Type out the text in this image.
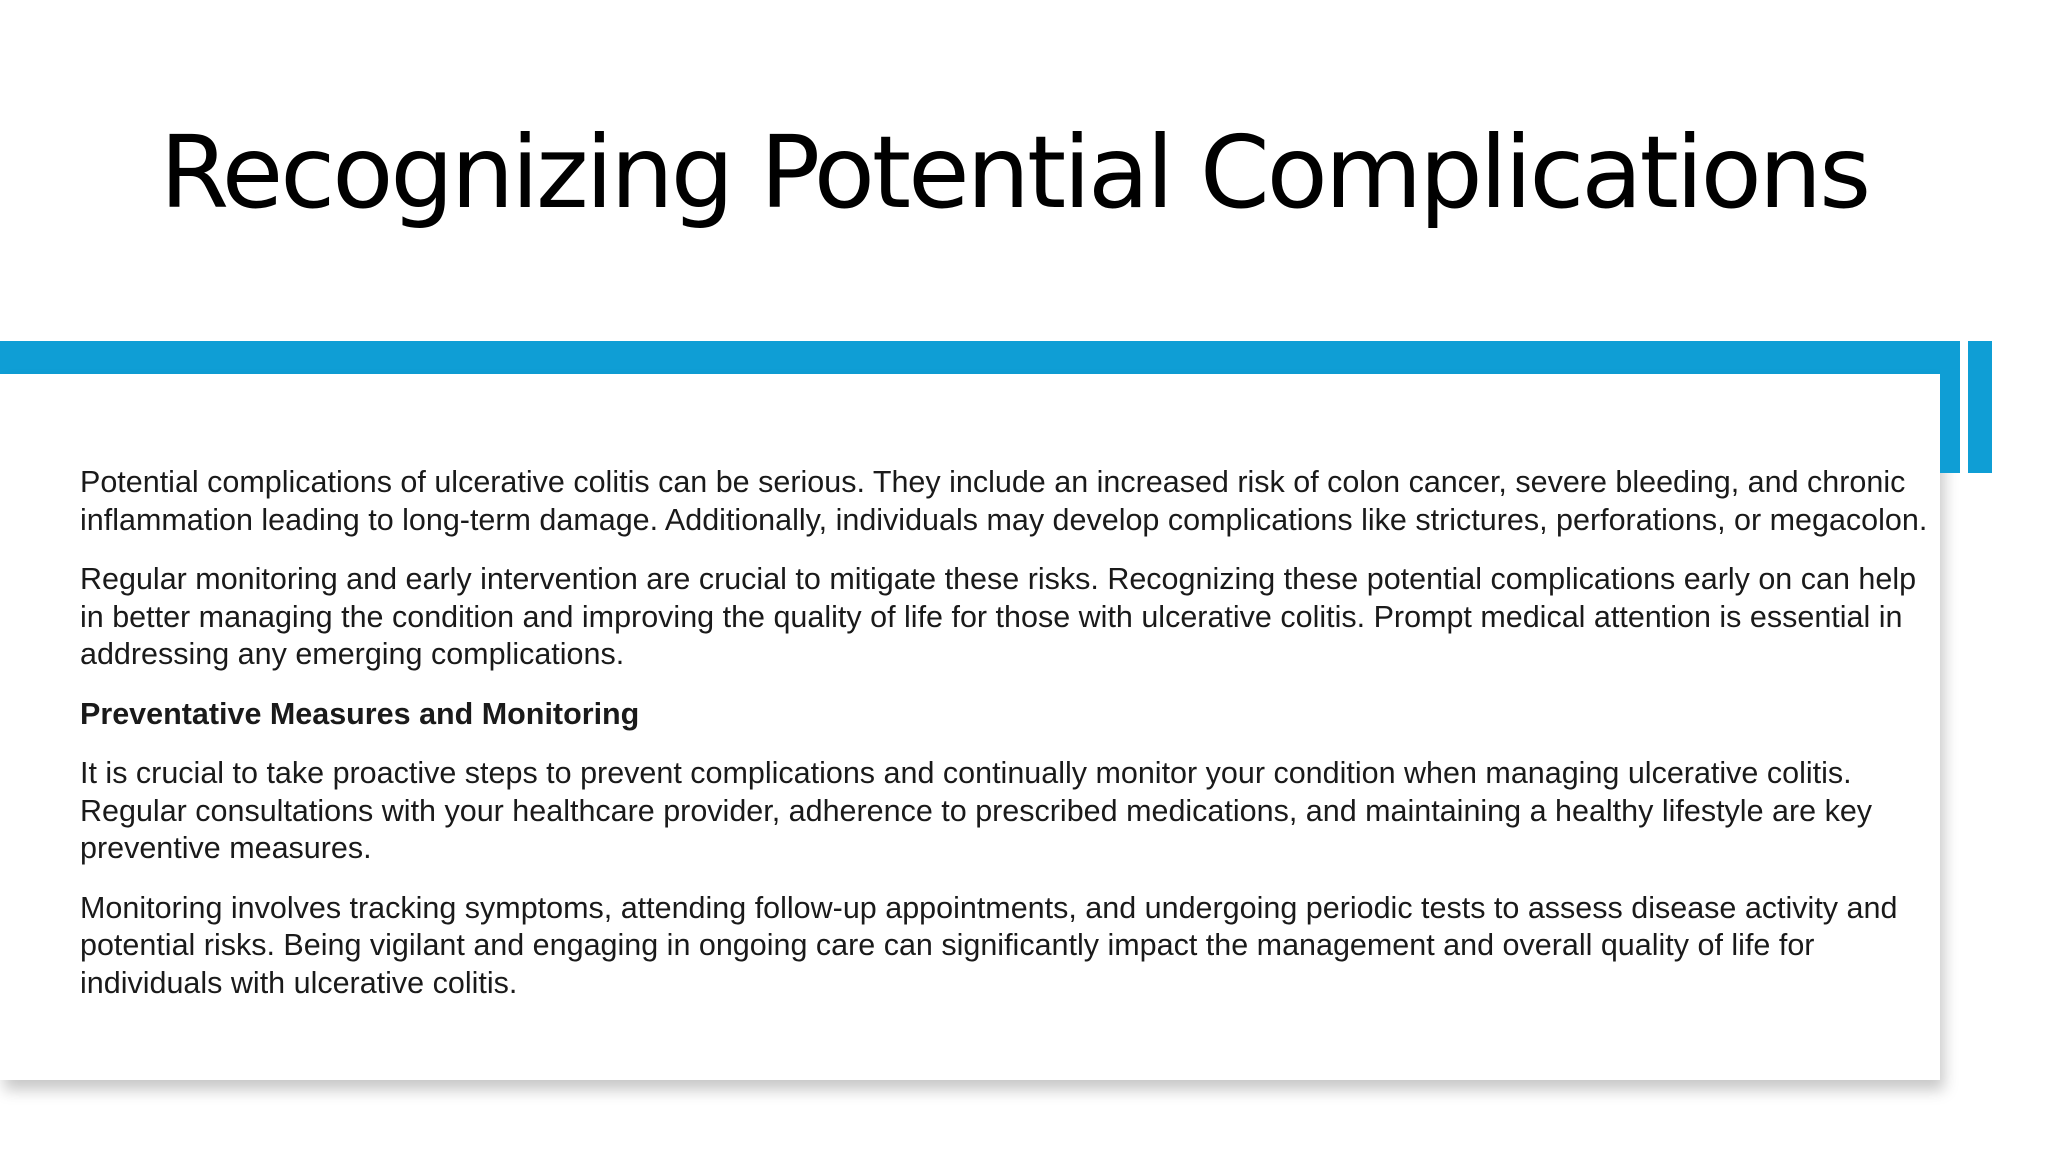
Recognizing Potential Complications

Potential complications of ulcerative colitis can be serious. They include an increased risk of colon cancer, severe bleeding, and chronic inflammation leading to long-term damage. Additionally, individuals may develop complications like strictures, perforations, or megacolon.

Regular monitoring and early intervention are crucial to mitigate these risks. Recognizing these potential complications early on can help in better managing the condition and improving the quality of life for those with ulcerative colitis. Prompt medical attention is essential in addressing any emerging complications.

Preventative Measures and Monitoring

It is crucial to take proactive steps to prevent complications and continually monitor your condition when managing ulcerative colitis. Regular consultations with your healthcare provider, adherence to prescribed medications, and maintaining a healthy lifestyle are key preventive measures.

Monitoring involves tracking symptoms, attending follow-up appointments, and undergoing periodic tests to assess disease activity and potential risks. Being vigilant and engaging in ongoing care can significantly impact the management and overall quality of life for individuals with ulcerative colitis.
